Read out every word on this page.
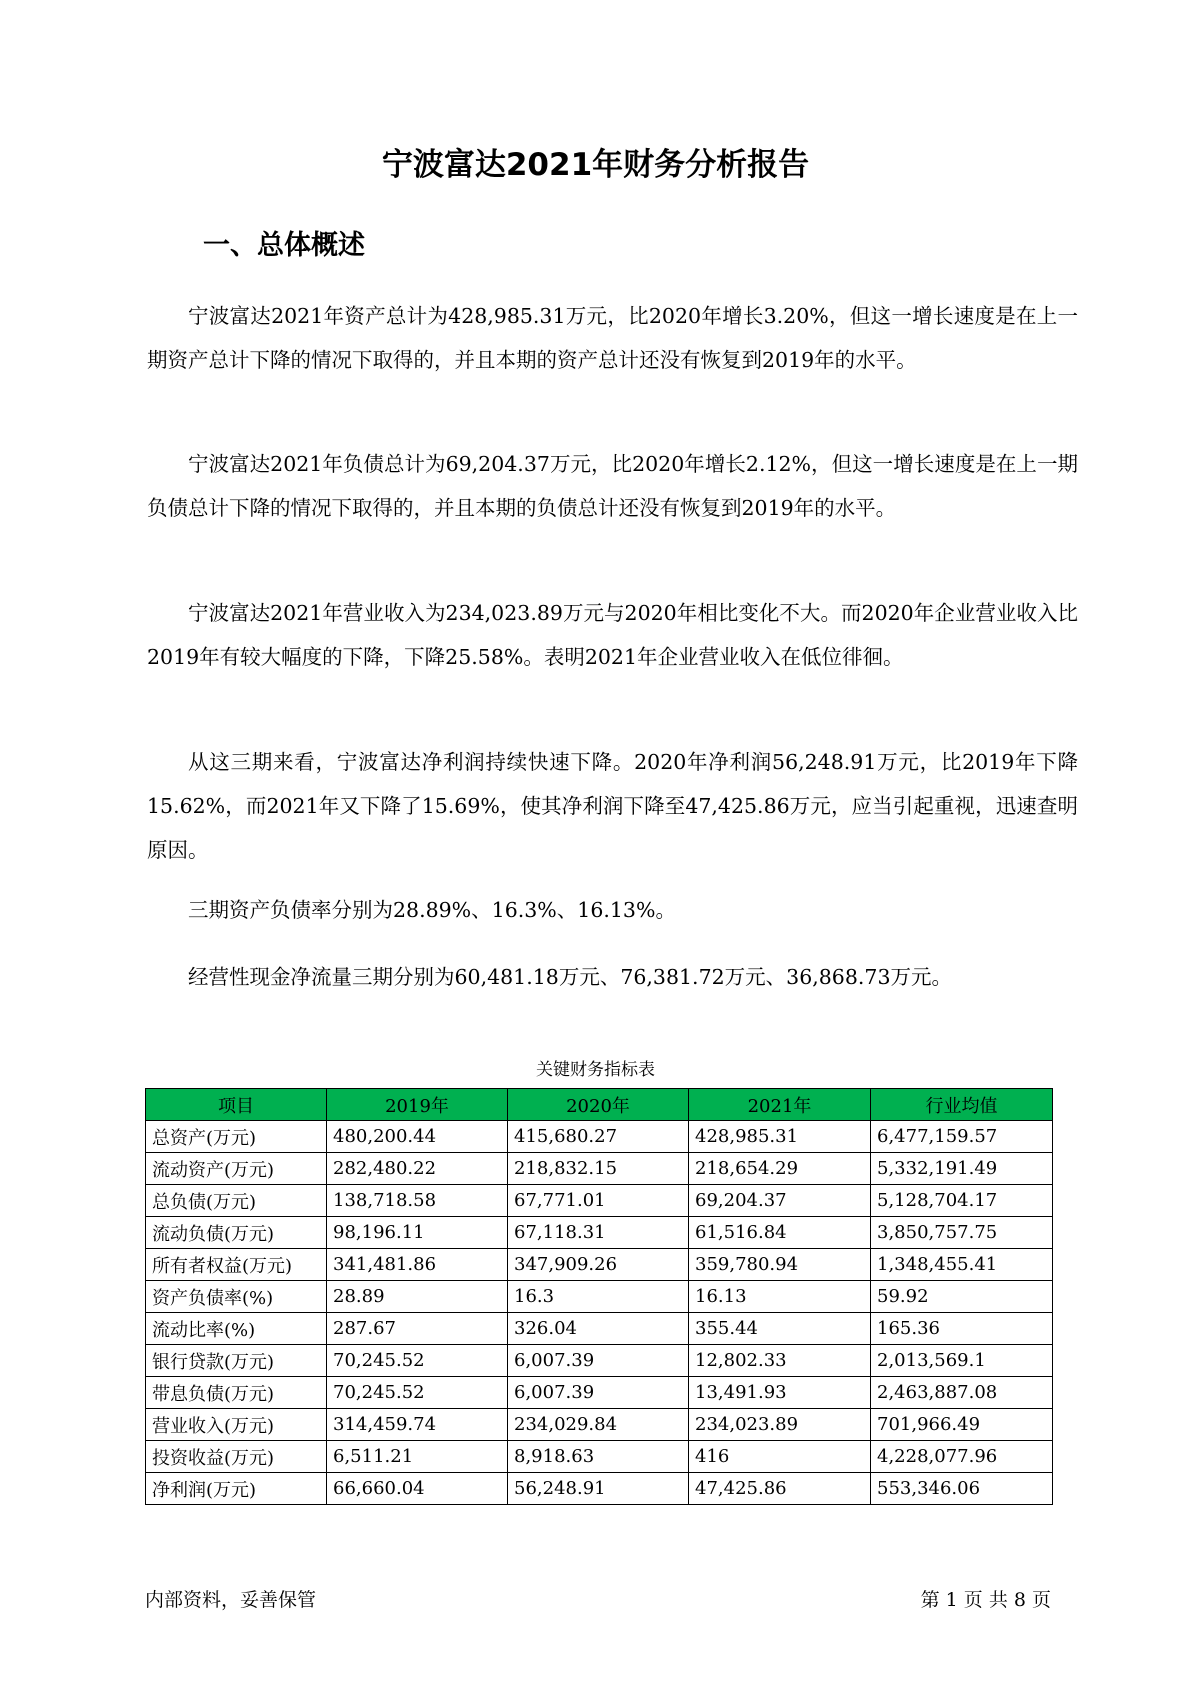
宁波富达2021年财务分析报告
一、总体概述

宁波富达2021年资产总计为428,985.31万元，比2020年增长3.20%，但这一增长速度是在上一期资产总计下降的情况下取得的，并且本期的资产总计还没有恢复到2019年的水平。

宁波富达2021年负债总计为69,204.37万元，比2020年增长2.12%，但这一增长速度是在上一期负债总计下降的情况下取得的，并且本期的负债总计还没有恢复到2019年的水平。

宁波富达2021年营业收入为234,023.89万元与2020年相比变化不大。而2020年企业营业收入比2019年有较大幅度的下降，下降25.58%。表明2021年企业营业收入在低位徘徊。

从这三期来看，宁波富达净利润持续快速下降。2020年净利润56,248.91万元，比2019年下降15.62%，而2021年又下降了15.69%，使其净利润下降至47,425.86万元，应当引起重视，迅速查明原因。

三期资产负债率分别为28.89%、16.3%、16.13%。

经营性现金净流量三期分别为60,481.18万元、76,381.72万元、36,868.73万元。

关键财务指标表
项目	2019年	2020年	2021年	行业均值
总资产(万元)	480,200.44	415,680.27	428,985.31	6,477,159.57
流动资产(万元)	282,480.22	218,832.15	218,654.29	5,332,191.49
总负债(万元)	138,718.58	67,771.01	69,204.37	5,128,704.17
流动负债(万元)	98,196.11	67,118.31	61,516.84	3,850,757.75
所有者权益(万元)	341,481.86	347,909.26	359,780.94	1,348,455.41
资产负债率(%)	28.89	16.3	16.13	59.92
流动比率(%)	287.67	326.04	355.44	165.36
银行贷款(万元)	70,245.52	6,007.39	12,802.33	2,013,569.1
带息负债(万元)	70,245.52	6,007.39	13,491.93	2,463,887.08
营业收入(万元)	314,459.74	234,029.84	234,023.89	701,966.49
投资收益(万元)	6,511.21	8,918.63	416	4,228,077.96
净利润(万元)	66,660.04	56,248.91	47,425.86	553,346.06
内部资料，妥善保管	第 1 页 共 8 页
